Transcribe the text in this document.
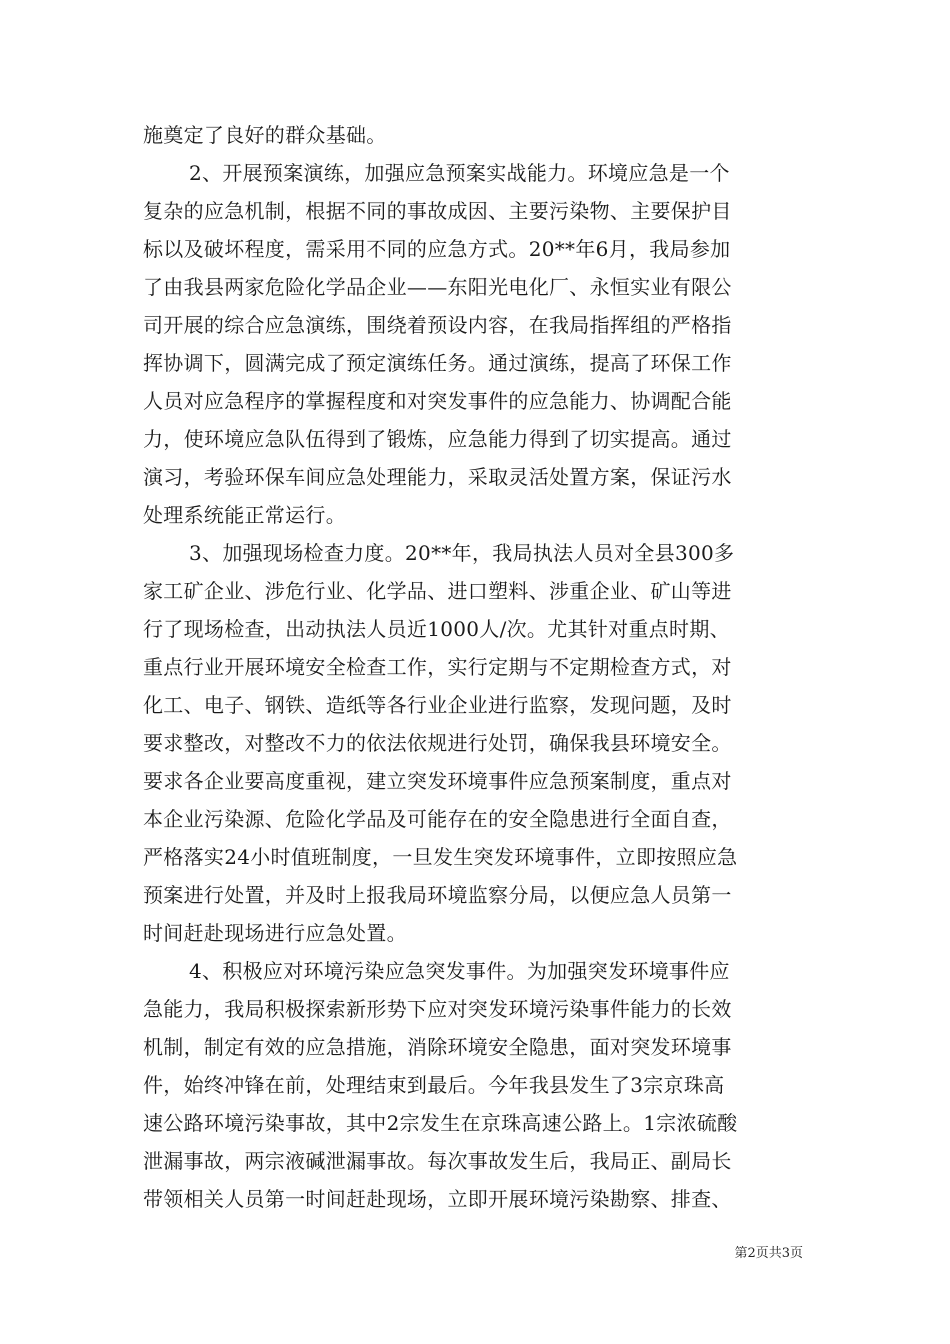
施奠定了良好的群众基础。
2、开展预案演练，加强应急预案实战能力。环境应急是一个
复杂的应急机制，根据不同的事故成因、主要污染物、主要保护目
标以及破坏程度，需采用不同的应急方式。20**年6月，我局参加
了由我县两家危险化学品企业——东阳光电化厂、永恒实业有限公
司开展的综合应急演练，围绕着预设内容，在我局指挥组的严格指
挥协调下，圆满完成了预定演练任务。通过演练，提高了环保工作
人员对应急程序的掌握程度和对突发事件的应急能力、协调配合能
力，使环境应急队伍得到了锻炼，应急能力得到了切实提高。通过
演习，考验环保车间应急处理能力，采取灵活处置方案，保证污水
处理系统能正常运行。
3、加强现场检查力度。20**年，我局执法人员对全县300多
家工矿企业、涉危行业、化学品、进口塑料、涉重企业、矿山等进
行了现场检查，出动执法人员近1000人/次。尤其针对重点时期、
重点行业开展环境安全检查工作，实行定期与不定期检查方式，对
化工、电子、钢铁、造纸等各行业企业进行监察，发现问题，及时
要求整改，对整改不力的依法依规进行处罚，确保我县环境安全。
要求各企业要高度重视，建立突发环境事件应急预案制度，重点对
本企业污染源、危险化学品及可能存在的安全隐患进行全面自查，
严格落实24小时值班制度，一旦发生突发环境事件，立即按照应急
预案进行处置，并及时上报我局环境监察分局，以便应急人员第一
时间赶赴现场进行应急处置。
4、积极应对环境污染应急突发事件。为加强突发环境事件应
急能力，我局积极探索新形势下应对突发环境污染事件能力的长效
机制，制定有效的应急措施，消除环境安全隐患，面对突发环境事
件，始终冲锋在前，处理结束到最后。今年我县发生了3宗京珠高
速公路环境污染事故，其中2宗发生在京珠高速公路上。1宗浓硫酸
泄漏事故，两宗液碱泄漏事故。每次事故发生后，我局正、副局长
带领相关人员第一时间赶赴现场，立即开展环境污染勘察、排查、
第2页共3页
